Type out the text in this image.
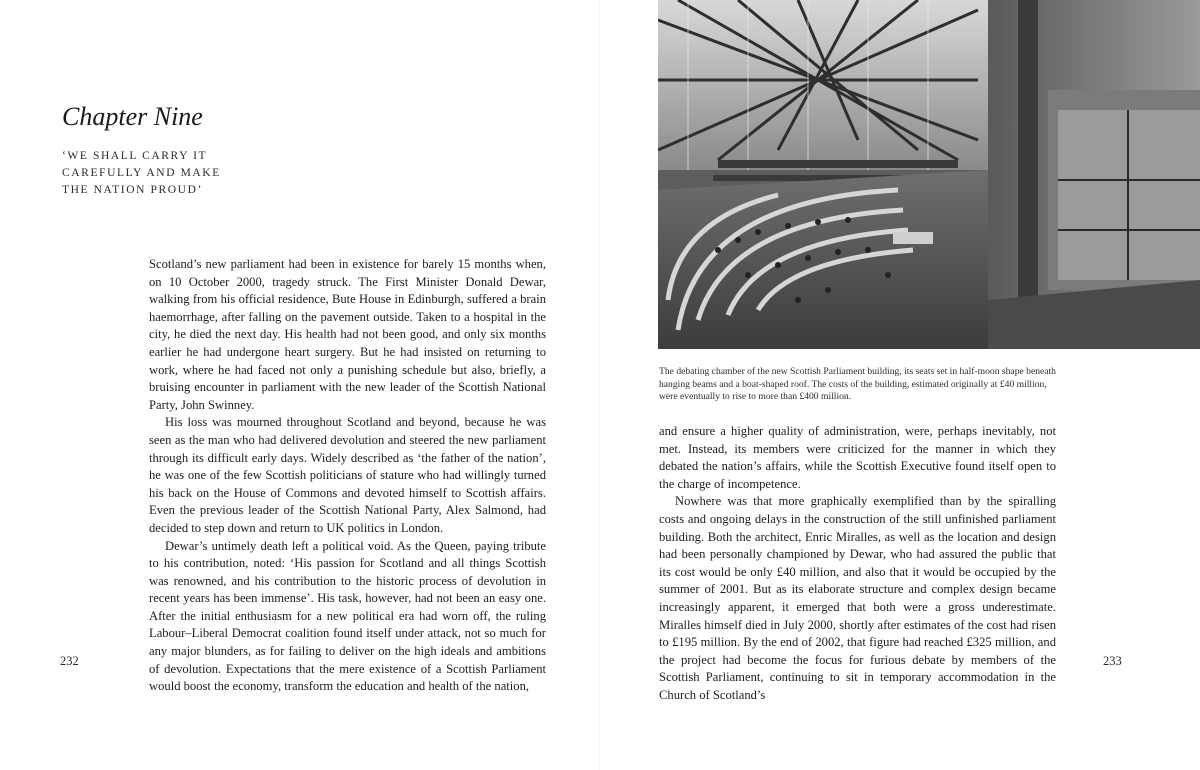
Chapter Nine
‘WE SHALL CARRY IT
CAREFULLY AND MAKE
THE NATION PROUD’

Scotland’s new parliament had been in existence for barely 15 months when, on 10 October 2000, tragedy struck. The First Minister Donald Dewar, walking from his official residence, Bute House in Edinburgh, suffered a brain haemorrhage, after falling on the pavement outside. Taken to a hospital in the city, he died the next day. His health had not been good, and only six months earlier he had undergone heart surgery. But he had insisted on returning to work, where he had faced not only a punishing schedule but also, briefly, a bruising encounter in parliament with the new leader of the Scottish National Party, John Swinney.

His loss was mourned throughout Scotland and beyond, because he was seen as the man who had delivered devolution and steered the new parliament through its difficult early days. Widely described as ‘the father of the nation’, he was one of the few Scottish politicians of stature who had willingly turned his back on the House of Commons and devoted himself to Scottish affairs. Even the previous leader of the Scottish National Party, Alex Salmond, had decided to step down and return to UK politics in London.

Dewar’s untimely death left a political void. As the Queen, paying tribute to his contribution, noted: ‘His passion for Scotland and all things Scottish was renowned, and his contribution to the historic process of devolution in recent years has been immense’. His task, however, had not been an easy one. After the initial enthusiasm for a new political era had worn off, the ruling Labour–Liberal Democrat coalition found itself under attack, not so much for any major blunders, as for failing to deliver on the high ideals and ambitions of devolution. Expectations that the mere existence of a Scottish Parliament would boost the economy, transform the education and health of the nation,

232
The debating chamber of the new Scottish Parliament building, its seats set in half-moon shape beneath hanging beams and a boat-shaped roof. The costs of the building, estimated originally at £40 million, were eventually to rise to more than £400 million.

and ensure a higher quality of administration, were, perhaps inevitably, not met. Instead, its members were criticized for the manner in which they debated the nation’s affairs, while the Scottish Executive found itself open to the charge of incompetence.

Nowhere was that more graphically exemplified than by the spiralling costs and ongoing delays in the construction of the still unfinished parliament building. Both the architect, Enric Miralles, as well as the location and design had been personally championed by Dewar, who had assured the public that its cost would be only £40 million, and also that it would be occupied by the summer of 2001. But as its elaborate structure and complex design became increasingly apparent, it emerged that both were a gross underestimate. Miralles himself died in July 2000, shortly after estimates of the cost had risen to £195 million. By the end of 2002, that figure had reached £325 million, and the project had become the focus for furious debate by members of the Scottish Parliament, continuing to sit in temporary accommodation in the Church of Scotland’s

233
